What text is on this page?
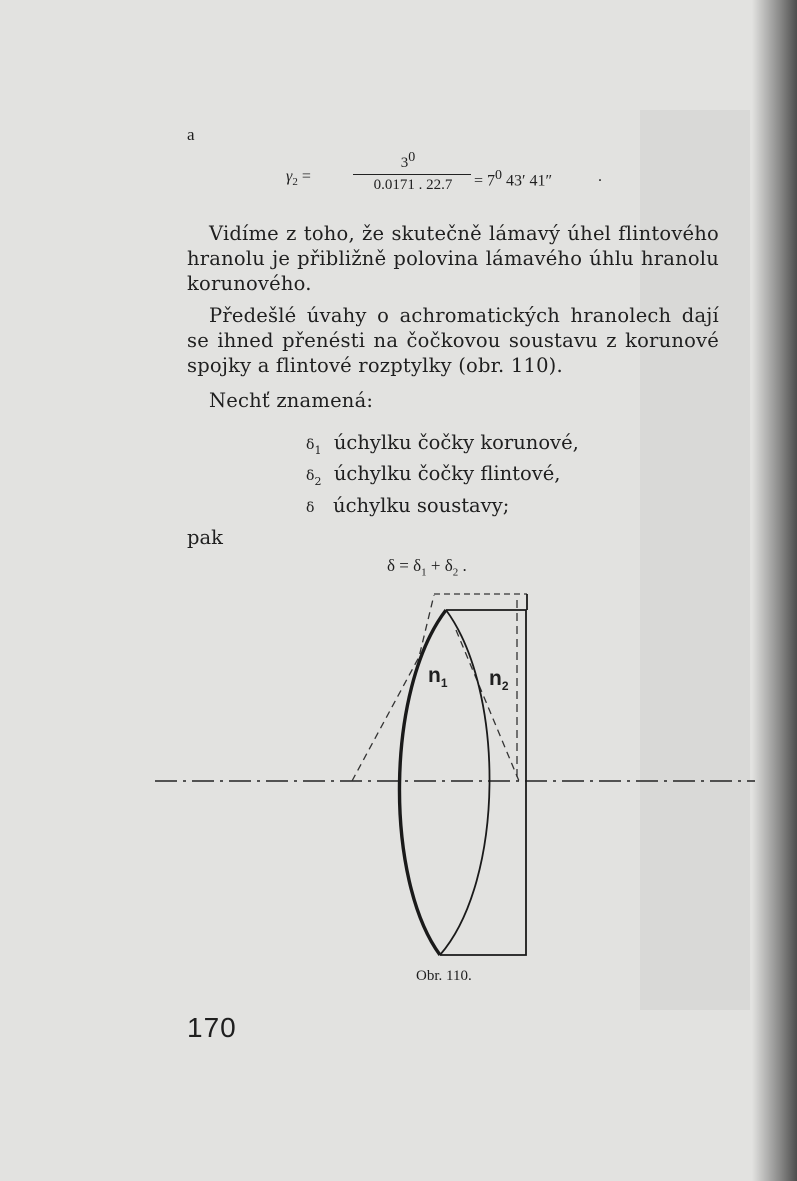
a
$\gamma_2$ =
$3^0$
0.0171 . 22.7	= $7^0$ 43′ 41″	.
Vidíme z toho, že skutečně lámavý úhel flintového hranolu je přibližně polovina lámavého úhlu hranolu korunového.
Předešlé úvahy o achromatických hranolech dají se ihned přenésti na čočkovou soustavu z korunové spojky a flintové rozptylky (obr. 110).
Nechť znamená:
$\delta_1$ úchylku čočky korunové,
$\delta_2$ úchylku čočky flintové,
δ úchylku soustavy;
pak
$\delta = \delta_1 + \delta_2$ .
$n_1$ $n_2$
Obr. 110.
170
